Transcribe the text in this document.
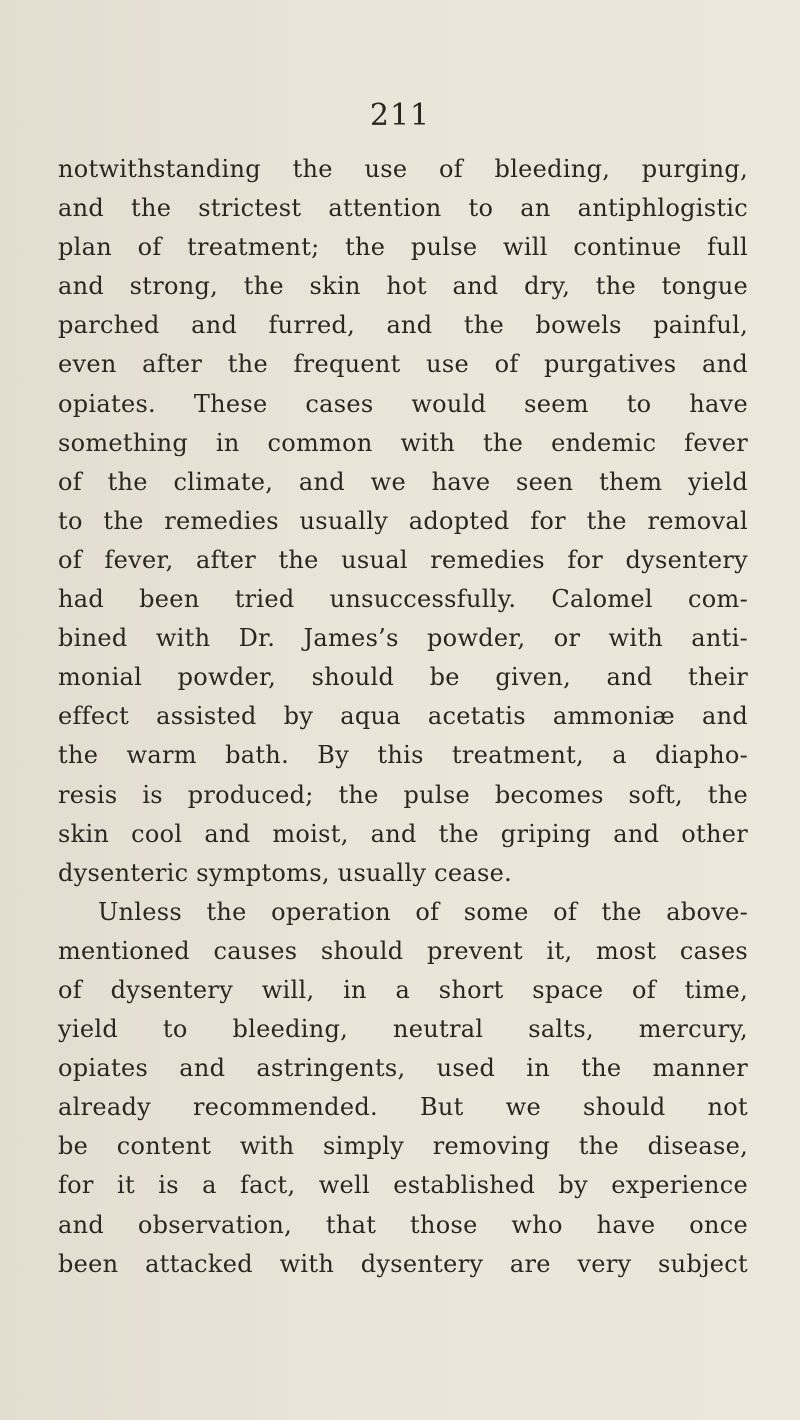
211
notwithstanding the use of bleeding, purging,
and the strictest attention to an antiphlogistic
plan of treatment; the pulse will continue full
and strong, the skin hot and dry, the tongue
parched and furred, and the bowels painful,
even after the frequent use of purgatives and
opiates. These cases would seem to have
something in common with the endemic fever
of the climate, and we have seen them yield
to the remedies usually adopted for the removal
of fever, after the usual remedies for dysentery
had been tried unsuccessfully. Calomel com-
bined with Dr. James’s powder, or with anti-
monial powder, should be given, and their
effect assisted by aqua acetatis ammoniæ and
the warm bath. By this treatment, a diapho-
resis is produced; the pulse becomes soft, the
skin cool and moist, and the griping and other
dysenteric symptoms, usually cease.
Unless the operation of some of the above-
mentioned causes should prevent it, most cases
of dysentery will, in a short space of time,
yield to bleeding, neutral salts, mercury,
opiates and astringents, used in the manner
already recommended. But we should not
be content with simply removing the disease,
for it is a fact, well established by experience
and observation, that those who have once
been attacked with dysentery are very subject
